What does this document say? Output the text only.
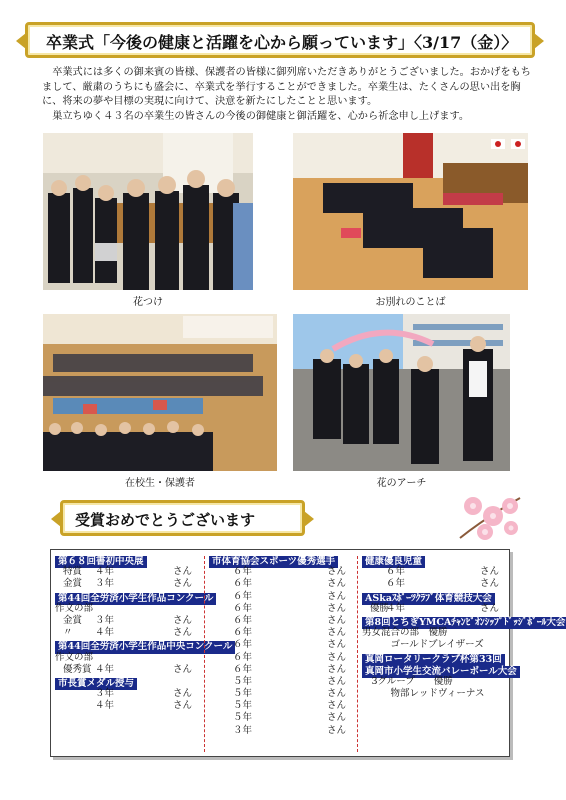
卒業式「今後の健康と活躍を心から願っています」〈3/17（金）〉

卒業式には多くの御来賓の皆様、保護者の皆様に御列席いただきありがとうございました。おかげをもちまして、厳粛のうちにも盛会に、卒業式を挙行することができました。卒業生は、たくさんの思い出を胸に、将来の夢や目標の実現に向けて、決意を新たにしたことと思います。

巣立ちゆく４３名の卒業生の皆さんの今後の御健康と御活躍を、心から祈念申し上げます。

花つけ	お別れのことば
在校生・保護者	花のアーチ
受賞おめでとうございます
第６８回書初中央展
特賞 ４年	さん
金賞 ３年	さん
第44回全労済小学生作品コンクール
作文の部
金賞 ３年	さん
〃 ４年	さん
第44回全労済小学生作品中央コンクール
作文の部
優秀賞 ４年	さん
市長賞メダル授与
３年	さん
４年	さん
市体育協会スポーツ優秀選手
６年	さん
６年	さん
６年	さん
６年	さん
６年	さん
６年	さん
６年	さん
６年	さん
６年	さん
５年	さん
５年	さん
５年	さん
５年	さん
３年	さん
健康優良児童
６年	さん
６年	さん
ASkaｽﾎﾟｰﾂｸﾗﾌﾞ体育競技大会
優勝
４年	さん
第8回とちぎYMCAﾁｬﾝﾋﾟｵﾝｼｯﾌﾟﾄﾞｯｼﾞﾎﾞｰﾙ大会
男女混合の部　優勝
　　　ゴールドブレイザーズ
真岡ロータリークラブ杯第33回
真岡市小学生交流バレーボール大会
　3グループ　　優勝
　　　物部レッドヴィーナス
